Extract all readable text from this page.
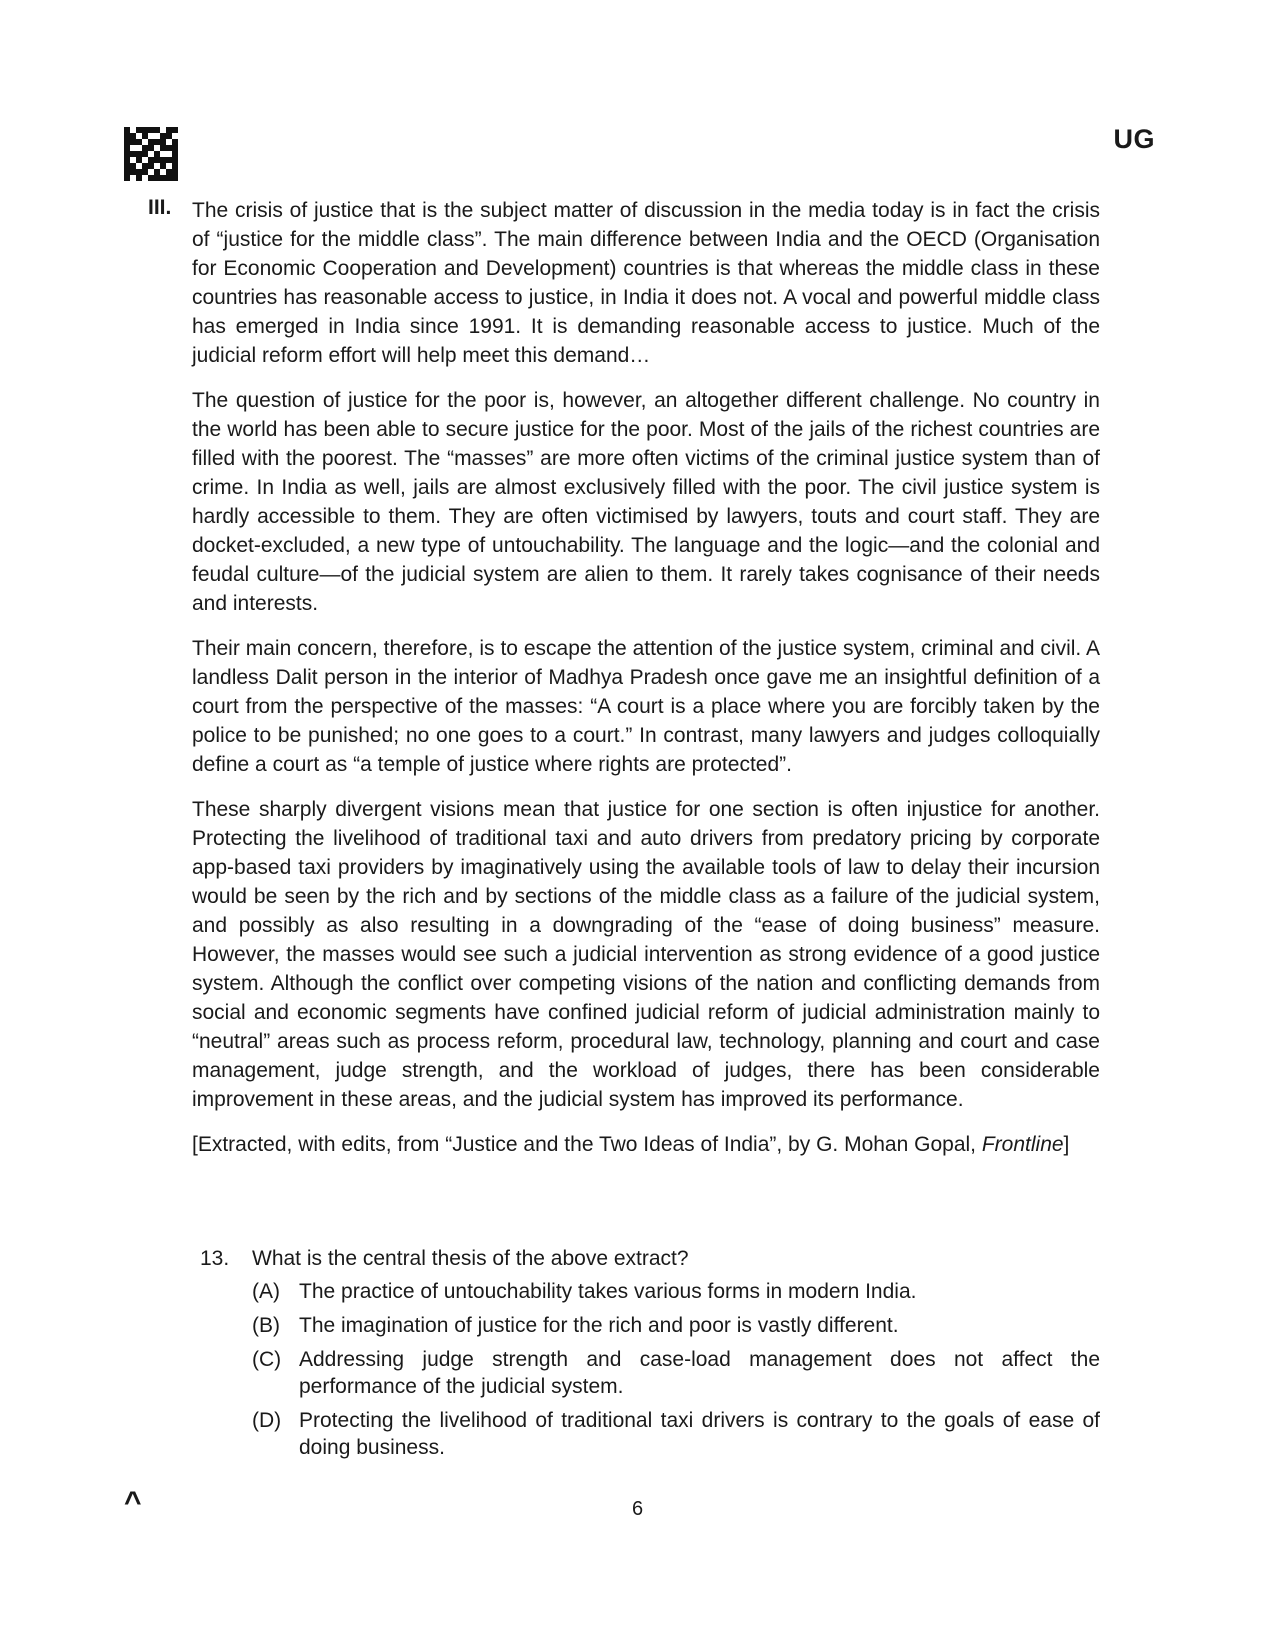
UG
III. The crisis of justice that is the subject matter of discussion in the media today is in fact the crisis of “justice for the middle class”. The main difference between India and the OECD (Organisation for Economic Cooperation and Development) countries is that whereas the middle class in these countries has reasonable access to justice, in India it does not. A vocal and powerful middle class has emerged in India since 1991. It is demanding reasonable access to justice. Much of the judicial reform effort will help meet this demand…

The question of justice for the poor is, however, an altogether different challenge. No country in the world has been able to secure justice for the poor. Most of the jails of the richest countries are filled with the poorest. The “masses” are more often victims of the criminal justice system than of crime. In India as well, jails are almost exclusively filled with the poor. The civil justice system is hardly accessible to them. They are often victimised by lawyers, touts and court staff. They are docket-excluded, a new type of untouchability. The language and the logic—and the colonial and feudal culture—of the judicial system are alien to them. It rarely takes cognisance of their needs and interests.

Their main concern, therefore, is to escape the attention of the justice system, criminal and civil. A landless Dalit person in the interior of Madhya Pradesh once gave me an insightful definition of a court from the perspective of the masses: “A court is a place where you are forcibly taken by the police to be punished; no one goes to a court.” In contrast, many lawyers and judges colloquially define a court as “a temple of justice where rights are protected”.

These sharply divergent visions mean that justice for one section is often injustice for another. Protecting the livelihood of traditional taxi and auto drivers from predatory pricing by corporate app-based taxi providers by imaginatively using the available tools of law to delay their incursion would be seen by the rich and by sections of the middle class as a failure of the judicial system, and possibly as also resulting in a downgrading of the “ease of doing business” measure. However, the masses would see such a judicial intervention as strong evidence of a good justice system. Although the conflict over competing visions of the nation and conflicting demands from social and economic segments have confined judicial reform of judicial administration mainly to “neutral” areas such as process reform, procedural law, technology, planning and court and case management, judge strength, and the workload of judges, there has been considerable improvement in these areas, and the judicial system has improved its performance.

[Extracted, with edits, from “Justice and the Two Ideas of India”, by G. Mohan Gopal, Frontline]

13.	What is the central thesis of the above extract?
(A) The practice of untouchability takes various forms in modern India.
(B) The imagination of justice for the rich and poor is vastly different.
(C) Addressing judge strength and case-load management does not affect the performance of the judicial system.
(D) Protecting the livelihood of traditional taxi drivers is contrary to the goals of ease of doing business.
^	6
